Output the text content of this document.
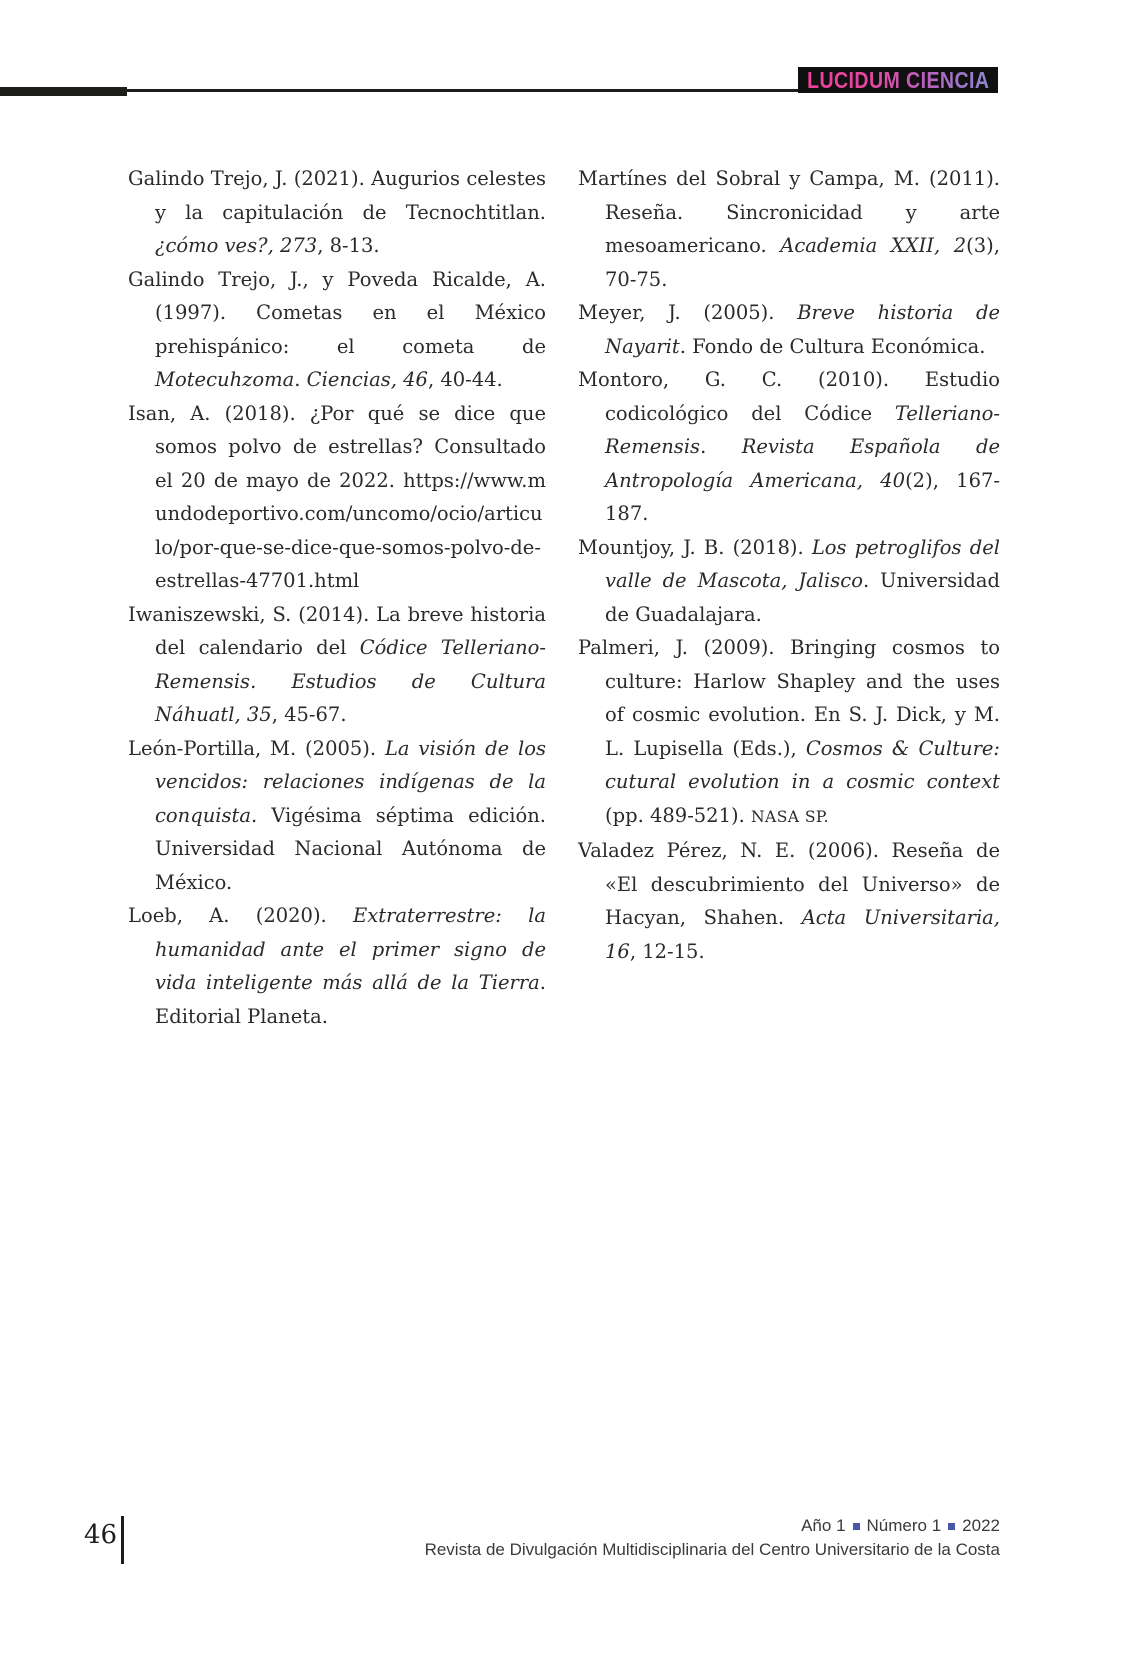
LUCIDUM CIENCIA

Galindo Trejo, J. (2021). Augurios celestes y la capitulación de Tecnochtitlan. ¿cómo ves?, 273, 8-13.

Galindo Trejo, J., y Poveda Ricalde, A. (1997). Cometas en el México prehispánico: el cometa de Motecuhzoma. Ciencias, 46, 40-44.

Isan, A. (2018). ¿Por qué se dice que somos polvo de estrellas? Consultado el 20 de mayo de 2022. https://www.mundodeportivo.com/uncomo/ocio/articulo/por-que-se-dice-que-somos-polvo-de-estrellas-47701.html

Iwaniszewski, S. (2014). La breve historia del calendario del Códice Telleriano-Remensis. Estudios de Cultura Náhuatl, 35, 45-67.

León-Portilla, M. (2005). La visión de los vencidos: relaciones indígenas de la conquista. Vigésima séptima edición. Universidad Nacional Autónoma de México.

Loeb, A. (2020). Extraterrestre: la humanidad ante el primer signo de vida inteligente más allá de la Tierra. Editorial Planeta.

Martínes del Sobral y Campa, M. (2011). Reseña. Sincronicidad y arte mesoamericano. Academia XXII, 2(3), 70-75.

Meyer, J. (2005). Breve historia de Nayarit. Fondo de Cultura Económica.

Montoro, G. C. (2010). Estudio codicológico del Códice Telleriano-Remensis. Revista Española de Antropología Americana, 40(2), 167-187.

Mountjoy, J. B. (2018). Los petroglifos del valle de Mascota, Jalisco. Universidad de Guadalajara.

Palmeri, J. (2009). Bringing cosmos to culture: Harlow Shapley and the uses of cosmic evolution. En S. J. Dick, y M. L. Lupisella (Eds.), Cosmos & Culture: cutural evolution in a cosmic context (pp. 489-521). NASA SP.

Valadez Pérez, N. E. (2006). Reseña de «El descubrimiento del Universo» de Hacyan, Shahen. Acta Universitaria, 16, 12-15.

46	Año 1 Número 1 2022
Revista de Divulgación Multidisciplinaria del Centro Universitario de la Costa
